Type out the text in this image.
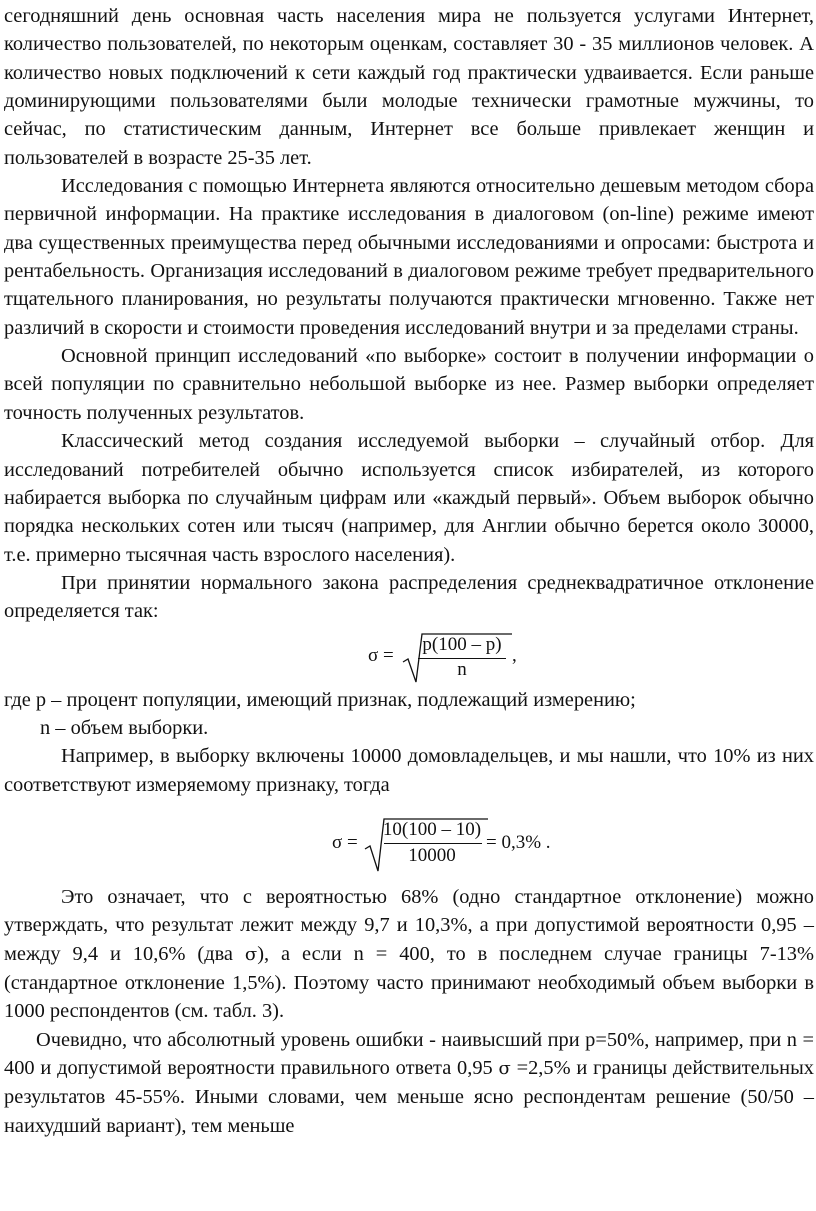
сегодняшний день основная часть населения мира не пользуется услугами Интернет, количество пользователей, по некоторым оценкам, составляет 30 - 35 миллионов человек. А количество новых подключений к сети каждый год практически удваивается. Если раньше доминирующими пользователями были молодые технически грамотные мужчины, то сейчас, по статистическим данным, Интернет все больше привлекает женщин и пользователей в возрасте 25-35 лет.

Исследования с помощью Интернета являются относительно дешевым методом сбора первичной информации. На практике исследования в диалоговом (on-line) режиме имеют два существенных преимущества перед обычными исследованиями и опросами: быстрота и рентабельность. Организация исследований в диалоговом режиме требует предварительного тщательного планирования, но результаты получаются практически мгновенно. Также нет различий в скорости и стоимости проведения исследований внутри и за пределами страны.

Основной принцип исследований «по выборке» состоит в получении информации о всей популяции по сравнительно небольшой выборке из нее. Размер выборки определяет точность полученных результатов.

Классический метод создания исследуемой выборки – случайный отбор. Для исследований потребителей обычно используется список избирателей, из которого набирается выборка по случайным цифрам или «каждый первый». Объем выборок обычно порядка нескольких сотен или тысяч (например, для Англии обычно берется около 30000, т.е. примерно тысячная часть взрослого населения).

При принятии нормального закона распределения среднеквадратичное отклонение определяется так:

σ =
p(100 – p)
n
,

где p – процент популяции, имеющий признак, подлежащий измерению;

n – объем выборки.

Например, в выборку включены 10000 домовладельцев, и мы нашли, что 10% из них соответствуют измеряемому признаку, тогда

σ =
10(100 – 10)
10000
= 0,3% .

Это означает, что с вероятностью 68% (одно стандартное отклонение) можно утверждать, что результат лежит между 9,7 и 10,3%, а при допустимой вероятности 0,95 – между 9,4 и 10,6% (два σ), а если n = 400, то в последнем случае границы 7-13% (стандартное отклонение 1,5%). Поэтому часто принимают необходимый объем выборки в 1000 респондентов (см. табл. 3).

Очевидно, что абсолютный уровень ошибки - наивысший при p=50%, например, при n = 400 и допустимой вероятности правильного ответа 0,95 σ =2,5% и границы действительных результатов 45-55%. Иными словами, чем меньше ясно респондентам решение (50/50 – наихудший вариант), тем меньше
